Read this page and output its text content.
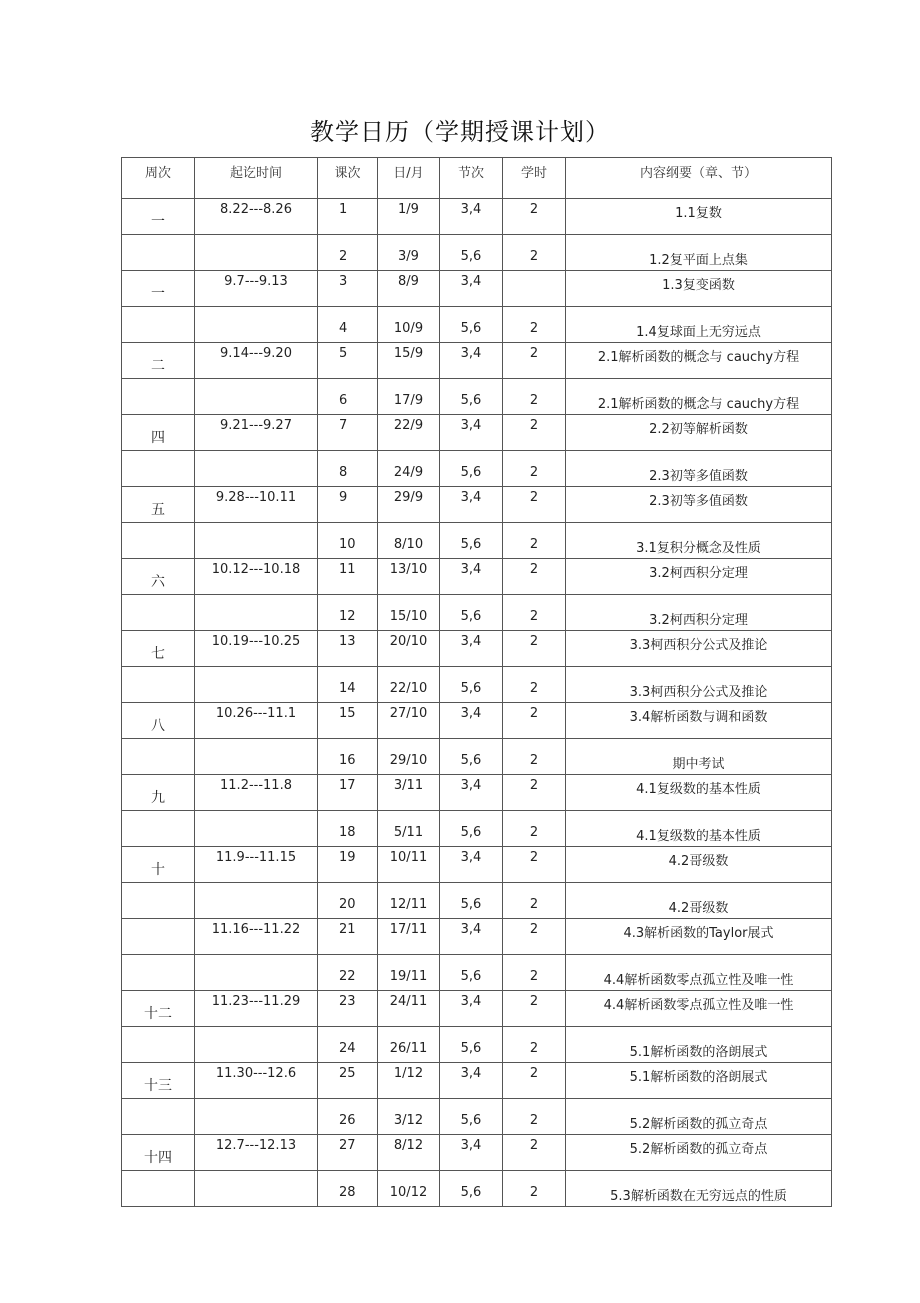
教学日历（学期授课计划）
周次	起讫时间	课次	日/月	节次	学时	内容纲要（章、节）
一	8.22---8.26	1	1/9	3,4	2	1.1复数
		2	3/9	5,6	2	1.2复平面上点集
一	9.7---9.13	3	8/9	3,4		1.3复变函数
		4	10/9	5,6	2	1.4复球面上无穷远点
二	9.14---9.20	5	15/9	3,4	2	2.1解析函数的概念与 cauchy方程
		6	17/9	5,6	2	2.1解析函数的概念与 cauchy方程
四	9.21---9.27	7	22/9	3,4	2	2.2初等解析函数
		8	24/9	5,6	2	2.3初等多值函数
五	9.28---10.11	9	29/9	3,4	2	2.3初等多值函数
		10	8/10	5,6	2	3.1复积分概念及性质
六	10.12---10.18	11	13/10	3,4	2	3.2柯西积分定理
		12	15/10	5,6	2	3.2柯西积分定理
七	10.19---10.25	13	20/10	3,4	2	3.3柯西积分公式及推论
		14	22/10	5,6	2	3.3柯西积分公式及推论
八	10.26---11.1	15	27/10	3,4	2	3.4解析函数与调和函数
		16	29/10	5,6	2	期中考试
九	11.2---11.8	17	3/11	3,4	2	4.1复级数的基本性质
		18	5/11	5,6	2	4.1复级数的基本性质
十	11.9---11.15	19	10/11	3,4	2	4.2哥级数
		20	12/11	5,6	2	4.2哥级数
	11.16---11.22	21	17/11	3,4	2	4.3解析函数的Taylor展式
		22	19/11	5,6	2	4.4解析函数零点孤立性及唯一性
十二	11.23---11.29	23	24/11	3,4	2	4.4解析函数零点孤立性及唯一性
		24	26/11	5,6	2	5.1解析函数的洛朗展式
十三	11.30---12.6	25	1/12	3,4	2	5.1解析函数的洛朗展式
		26	3/12	5,6	2	5.2解析函数的孤立奇点
十四	12.7---12.13	27	8/12	3,4	2	5.2解析函数的孤立奇点
		28	10/12	5,6	2	5.3解析函数在无穷远点的性质
